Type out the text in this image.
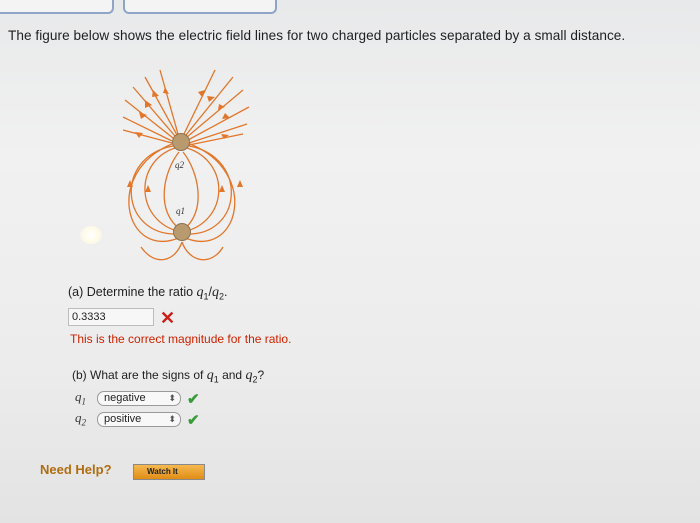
The figure below shows the electric field lines for two charged particles separated by a small distance.
q2
q1
(a) Determine the ratio $q_1/q_2$.
0.3333	✕
This is the correct magnitude for the ratio.
(b) What are the signs of $q_1$ and $q_2$?
$q_1$	negative	⬍ ✔
$q_2$	positive	⬍ ✔
Need Help?	Watch It
